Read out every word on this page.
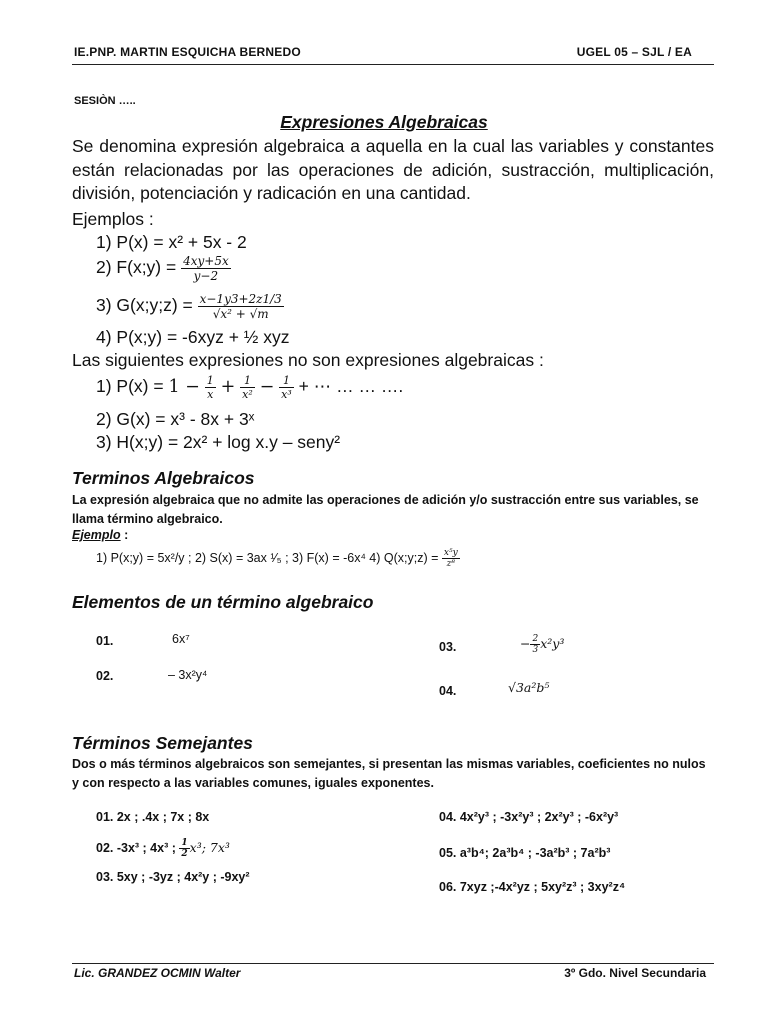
IE.PNP. MARTIN ESQUICHA BERNEDO	UGEL 05 – SJL / EA
SESIÒN …..
Expresiones Algebraicas
Se denomina expresión algebraica a aquella en la cual las variables y constantes están relacionadas por las operaciones de adición, sustracción, multiplicación, división, potenciación y radicación en una cantidad.
Ejemplos :
1) P(x) = x² + 5x - 2
2) F(x;y) = $\frac{4xy+5x}{y-2}$
3) G(x;y;z) = $\frac{x-1y3+2z1/3}{\text{√x² + √m}}$
4) P(x;y) = -6xyz + ½ xyz
Las siguientes expresiones no son expresiones algebraicas :
1) $P(x) = 1 - \frac{1}{x} + \frac{1}{\text{x²}} - \frac{1}{\text{x³}}$ + ⋯ … … ….
2) G(x) = x³ - 8x + 3ˣ
3) H(x;y) = 2x² + log x.y – seny²
Terminos Algebraicos
La expresión algebraica que no admite las operaciones de adición y/o sustracción entre sus variables, se llama término algebraico.
Ejemplo :
1) P(x;y) = 5x²/y ; 2) S(x) = 3ax ¹⁄₅ ; 3) F(x) = -6x⁴ 4) Q(x;y;z) = $\frac{\text{x⁵y}}{\text{z⁸}}$
Elementos de un término algebraico
01.	6x⁷
02.	– 3x²y⁴
03.	− $\frac{2}{3} x^2y^3$
04.	√3a²b⁵
Términos Semejantes
Dos o más términos algebraicos son semejantes, si presentan las mismas variables, coeficientes no nulos y con respecto a las variables comunes, iguales exponentes.
01. 2x ; .4x ; 7x ; 8x
02. -3x³ ; 4x³ ; $\frac{1}{2} x^3$; 7x³
03. 5xy ; -3yz ; 4x²y ; -9xy²
04. 4x²y³ ; -3x²y³ ; 2x²y³ ; -6x²y³
05. a³b⁴; 2a³b⁴ ; -3a²b³ ; 7a²b³
06. 7xyz ;-4x²yz ; 5xy²z³ ; 3xy²z⁴
Lic. GRANDEZ OCMIN Walter	3º Gdo. Nivel Secundaria
